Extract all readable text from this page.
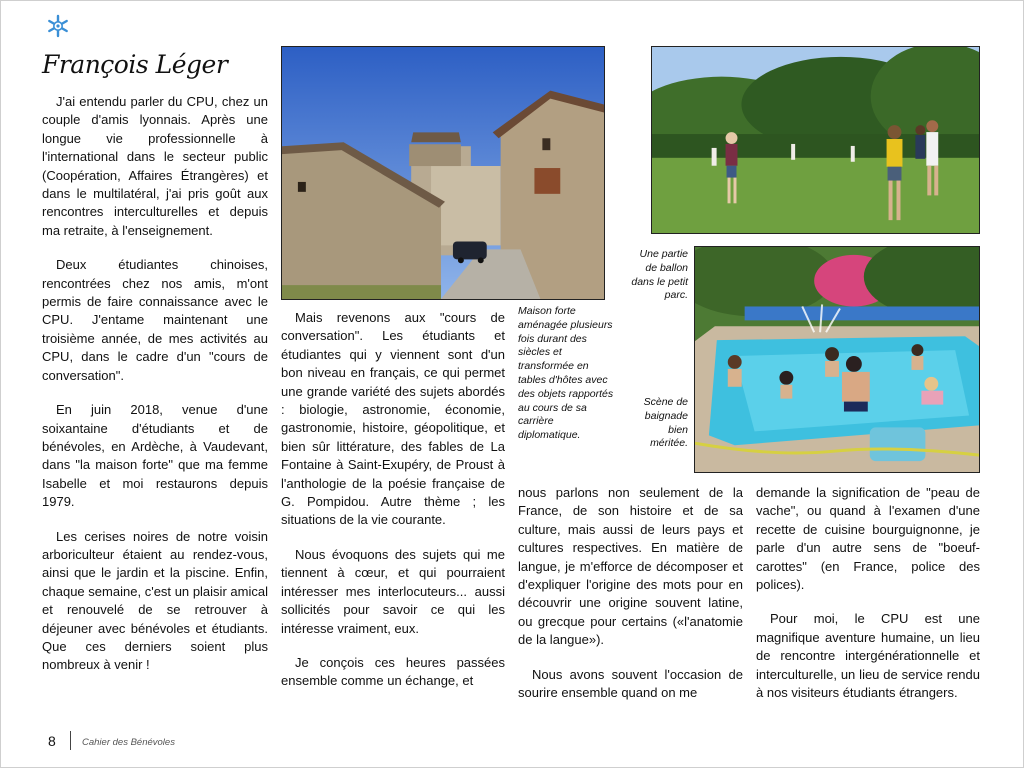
François Léger

J'ai entendu parler du CPU, chez un couple d'amis lyonnais. Après une longue vie professionnelle à l'international dans le secteur public (Coopération, Affaires Étrangères) et dans le multilatéral, j'ai pris goût aux rencontres interculturelles et depuis ma retraite, à l'enseignement.

Deux étudiantes chinoises, rencontrées chez nos amis, m'ont permis de faire connaissance avec le CPU. J'entame maintenant une troisième année, de mes activités au CPU, dans le cadre d'un "cours de conversation".

En juin 2018, venue d'une soixantaine d'étudiants et de bénévoles, en Ardèche, à Vaudevant, dans "la maison forte" que ma femme Isabelle et moi restaurons depuis 1979.

Les cerises noires de notre voisin arboriculteur étaient au rendez-vous, ainsi que le jardin et la piscine. Enfin, chaque semaine, c'est un plaisir amical et renouvelé de se retrouver à déjeuner avec bénévoles et étudiants. Que ces derniers soient plus nombreux à venir !

Maison forte aménagée plusieurs fois durant des siècles et transformée en tables d'hôtes avec des objets rapportés au cours de sa carrière diplomatique.

Mais revenons aux "cours de conversation". Les étudiants et étudiantes qui y viennent sont d'un bon niveau en français, ce qui permet une grande variété des sujets abordés : biologie, astronomie, économie, gastronomie, histoire, géopolitique, et bien sûr littérature, des fables de La Fontaine à Saint-Exupéry, de Proust à l'anthologie de la poésie française de G. Pompidou. Autre thème ; les situations de la vie courante.

Nous évoquons des sujets qui me tiennent à cœur, et qui pourraient intéresser mes interlocuteurs... aussi sollicités pour savoir ce qui les intéresse vraiment, eux.

Je conçois ces heures passées ensemble comme un échange, et

Une partie de ballon dans le petit parc.
Scène de baignade bien méritée.

nous parlons non seulement de la France, de son histoire et de sa culture, mais aussi de leurs pays et cultures respectives. En matière de langue, je m'efforce de décomposer et d'expliquer l'origine des mots pour en découvrir une origine souvent latine, ou grecque pour certains («l'anatomie de la langue»).

Nous avons souvent l'occasion de sourire ensemble quand on me

demande la signification de "peau de vache", ou quand à l'examen d'une recette de cuisine bourguignonne, je parle d'un autre sens de "boeuf-carottes" (en France, police des polices).

Pour moi, le CPU est une magnifique aventure humaine, un lieu de rencontre intergénérationnelle et interculturelle, un lieu de service rendu à nos visiteurs étudiants étrangers.

8	Cahier des Bénévoles
